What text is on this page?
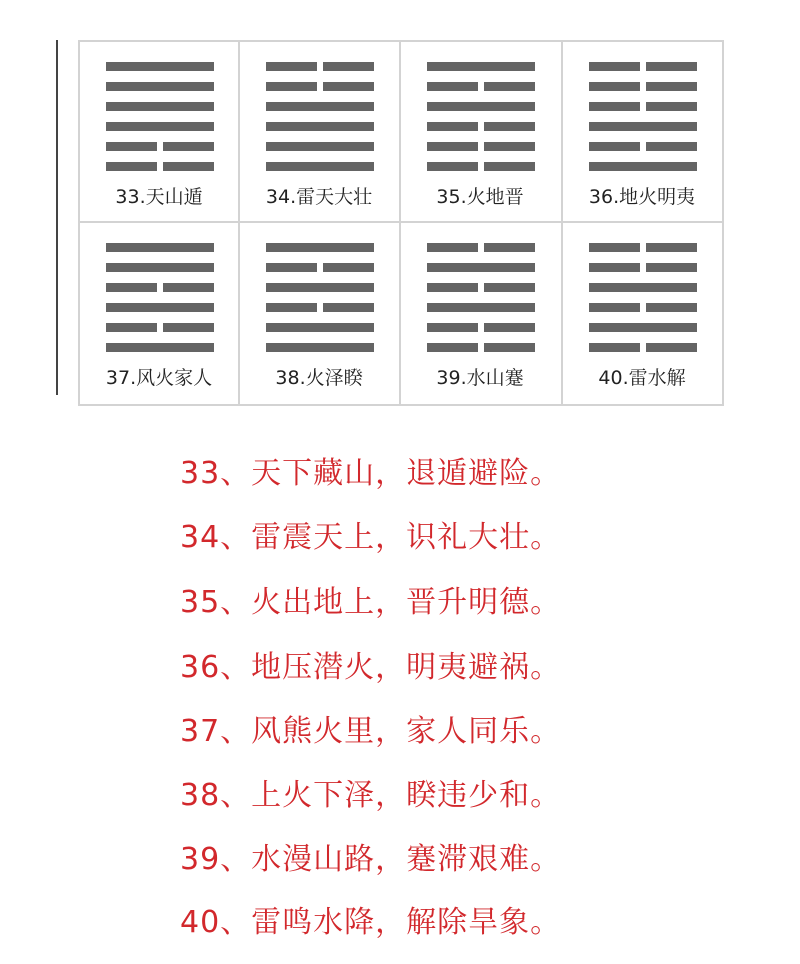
33.天山遁	34.雷天大壮	35.火地晋	36.地火明夷
37.风火家人	38.火泽睽	39.水山蹇	40.雷水解
33、天下藏山，退遁避险。
34、雷震天上，识礼大壮。
35、火出地上，晋升明德。
36、地压潜火，明夷避祸。
37、风熊火里，家人同乐。
38、上火下泽，睽违少和。
39、水漫山路，蹇滞艰难。
40、雷鸣水降，解除旱象。
